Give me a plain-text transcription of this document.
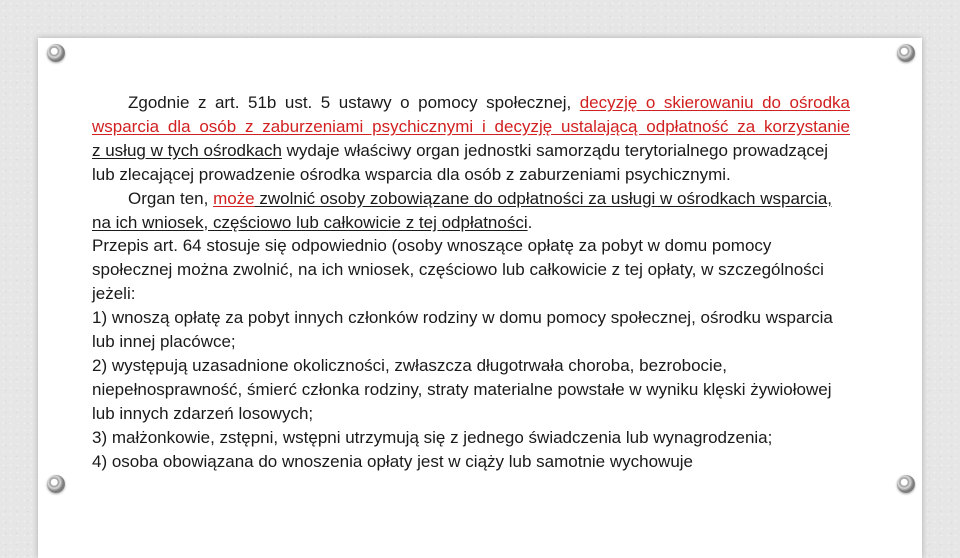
Zgodnie z art. 51b ust. 5 ustawy o pomocy społecznej, decyzję o skierowaniu do ośrodka wsparcia dla osób z zaburzeniami psychicznymi i decyzję ustalającą odpłatność za korzystanie

z usług w tych ośrodkach wydaje właściwy organ jednostki samorządu terytorialnego prowadzącej lub zlecającej prowadzenie ośrodka wsparcia dla osób z zaburzeniami psychicznymi.

Organ ten, może zwolnić osoby zobowiązane do odpłatności za usługi w ośrodkach wsparcia, na ich wniosek, częściowo lub całkowicie z tej odpłatności.

Przepis art. 64 stosuje się odpowiednio (osoby wnoszące opłatę za pobyt w domu pomocy społecznej można zwolnić, na ich wniosek, częściowo lub całkowicie z tej opłaty, w szczególności jeżeli:

1) wnoszą opłatę za pobyt innych członków rodziny w domu pomocy społecznej, ośrodku wsparcia lub innej placówce;

2) występują uzasadnione okoliczności, zwłaszcza długotrwała choroba, bezrobocie, niepełnosprawność, śmierć członka rodziny, straty materialne powstałe w wyniku klęski żywiołowej lub innych zdarzeń losowych;

3) małżonkowie, zstępni, wstępni utrzymują się z jednego świadczenia lub wynagrodzenia;

4) osoba obowiązana do wnoszenia opłaty jest w ciąży lub samotnie wychowuje
